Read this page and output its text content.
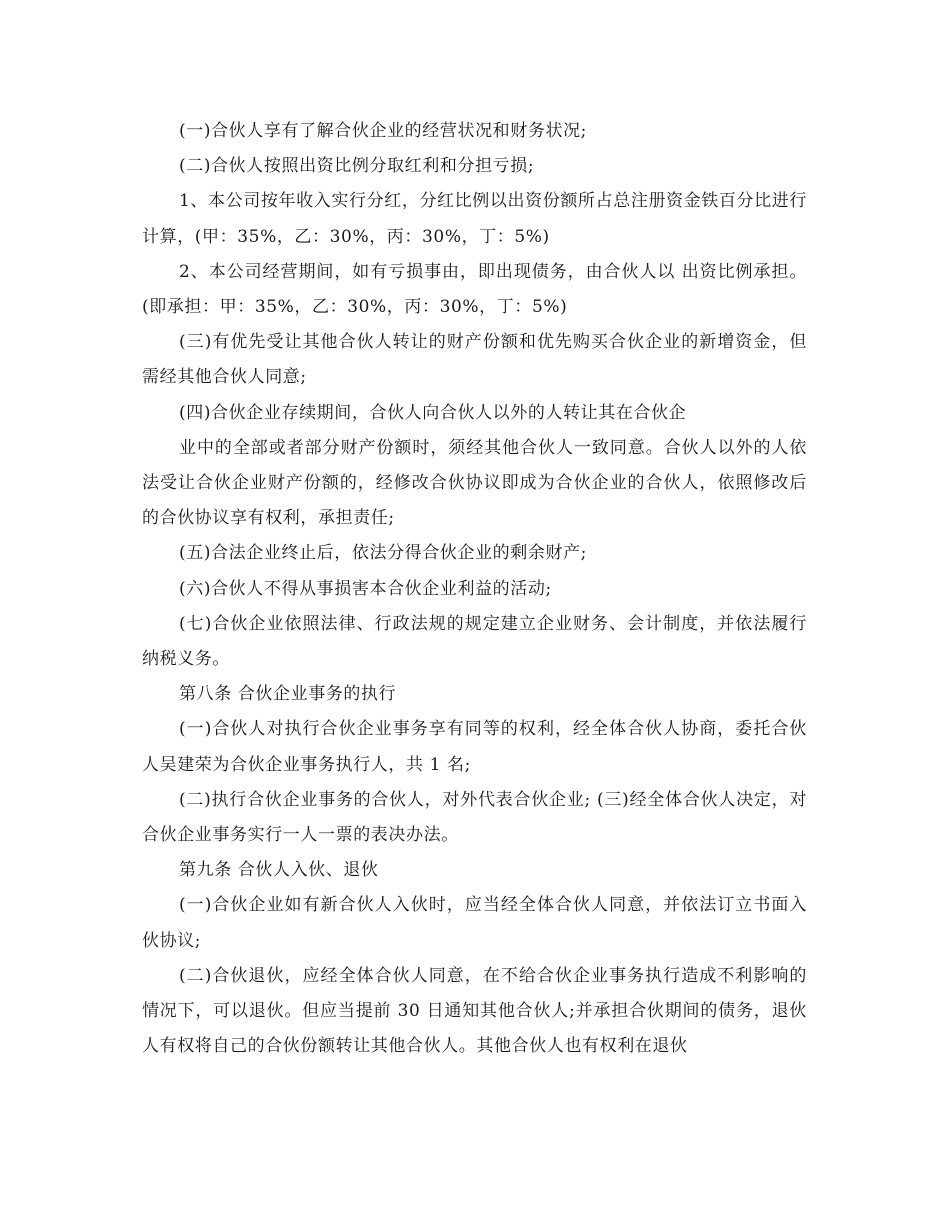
(一)合伙人享有了解合伙企业的经营状况和财务状况;

(二)合伙人按照出资比例分取红利和分担亏损;

1、本公司按年收入实行分红，分红比例以出资份额所占总注册资金铁百分比进行计算，(甲：35%，乙：30%，丙：30%，丁：5%)

2、本公司经营期间，如有亏损事由，即出现债务，由合伙人以 出资比例承担。(即承担：甲：35%，乙：30%，丙：30%，丁：5%)

(三)有优先受让其他合伙人转让的财产份额和优先购买合伙企业的新增资金，但需经其他合伙人同意;

(四)合伙企业存续期间，合伙人向合伙人以外的人转让其在合伙企

业中的全部或者部分财产份额时，须经其他合伙人一致同意。合伙人以外的人依法受让合伙企业财产份额的，经修改合伙协议即成为合伙企业的合伙人，依照修改后的合伙协议享有权利，承担责任;

(五)合法企业终止后，依法分得合伙企业的剩余财产;

(六)合伙人不得从事损害本合伙企业利益的活动;

(七)合伙企业依照法律、行政法规的规定建立企业财务、会计制度，并依法履行纳税义务。

第八条 合伙企业事务的执行

(一)合伙人对执行合伙企业事务享有同等的权利，经全体合伙人协商，委托合伙人吴建荣为合伙企业事务执行人，共 1 名;

(二)执行合伙企业事务的合伙人，对外代表合伙企业; (三)经全体合伙人决定，对合伙企业事务实行一人一票的表决办法。

第九条 合伙人入伙、退伙

(一)合伙企业如有新合伙人入伙时，应当经全体合伙人同意，并依法订立书面入伙协议;

(二)合伙退伙，应经全体合伙人同意，在不给合伙企业事务执行造成不利影响的情况下，可以退伙。但应当提前 30 日通知其他合伙人;并承担合伙期间的债务，退伙人有权将自己的合伙份额转让其他合伙人。其他合伙人也有权利在退伙
